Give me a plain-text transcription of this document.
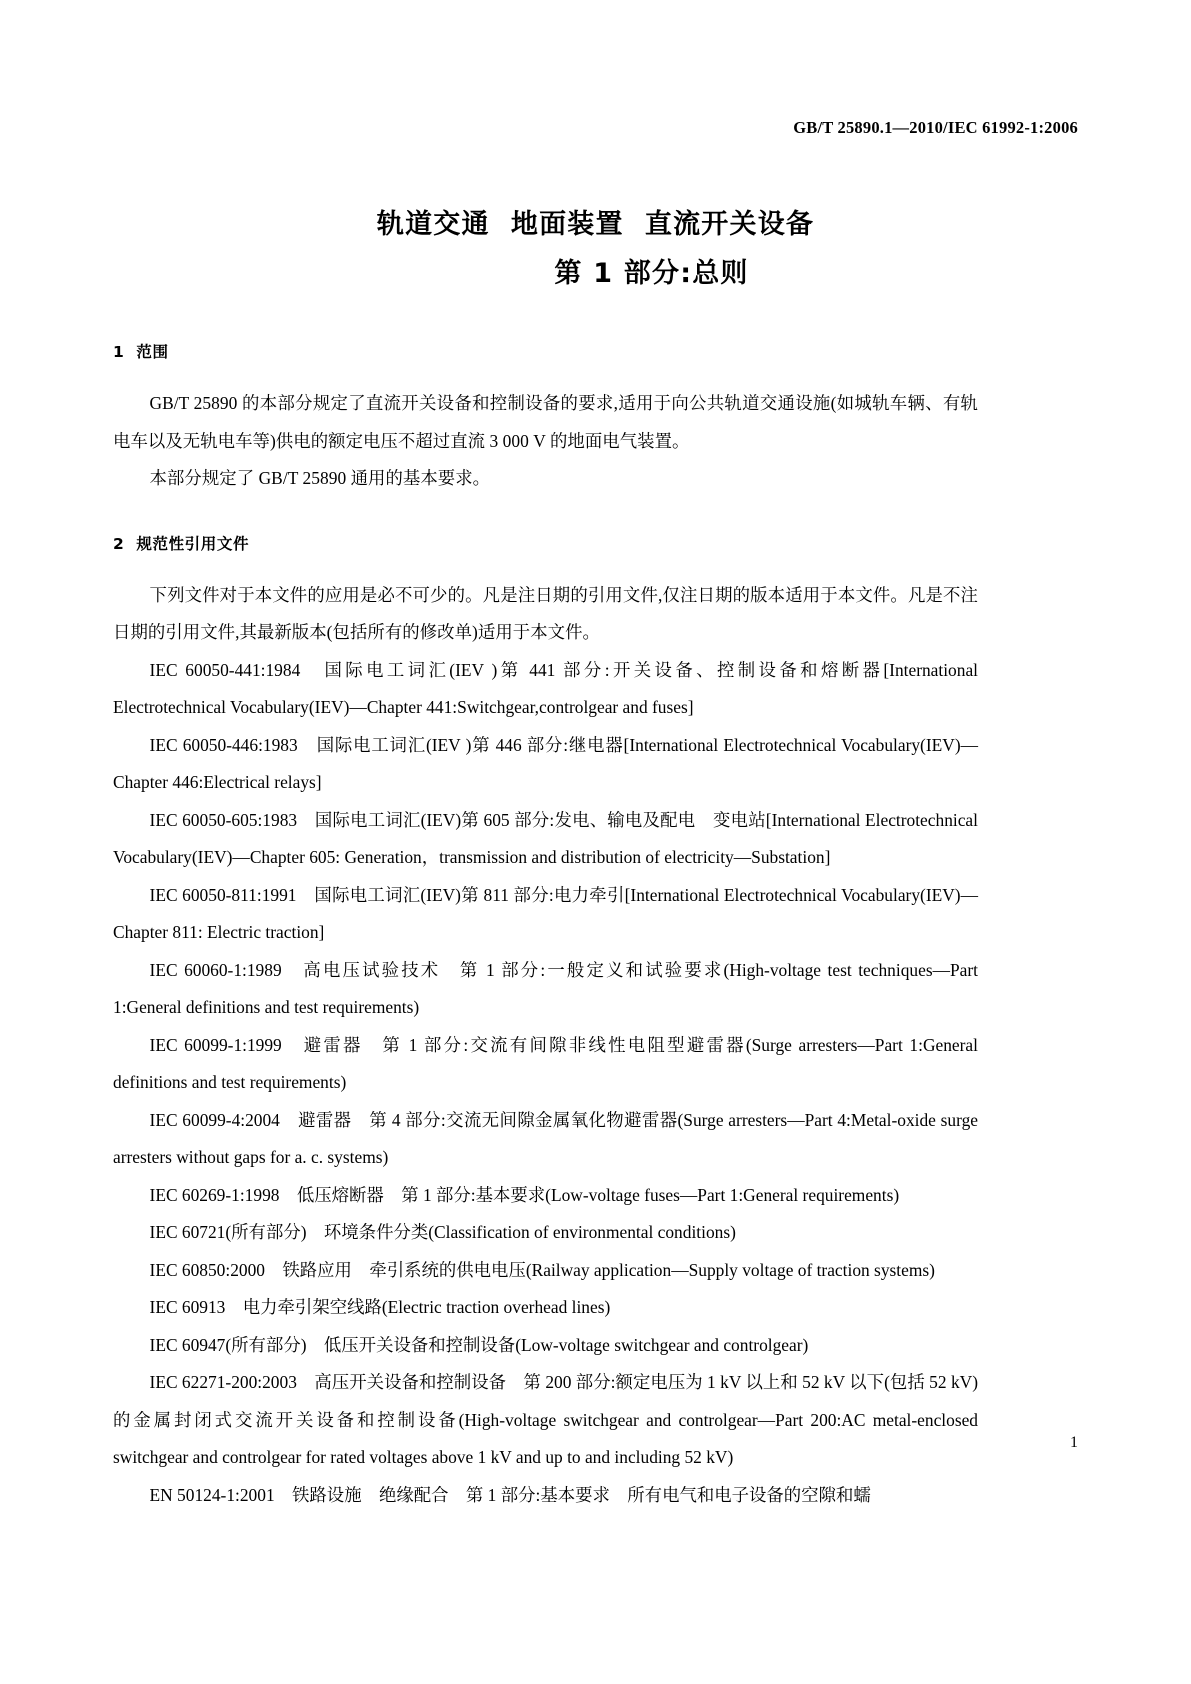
GB/T 25890.1—2010/IEC 61992-1:2006
轨道交通  地面装置  直流开关设备
第 1 部分:总则
1  范围

GB/T 25890 的本部分规定了直流开关设备和控制设备的要求,适用于向公共轨道交通设施(如城轨车辆、有轨电车以及无轨电车等)供电的额定电压不超过直流 3 000 V 的地面电气装置。

本部分规定了 GB/T 25890 通用的基本要求。

2  规范性引用文件

下列文件对于本文件的应用是必不可少的。凡是注日期的引用文件,仅注日期的版本适用于本文件。凡是不注日期的引用文件,其最新版本(包括所有的修改单)适用于本文件。

IEC 60050-441:1984　国际电工词汇(IEV )第 441 部分:开关设备、控制设备和熔断器[International Electrotechnical Vocabulary(IEV)—Chapter 441:Switchgear,controlgear and fuses]

IEC 60050-446:1983　国际电工词汇(IEV )第 446 部分:继电器[International Electrotechnical Vocabulary(IEV)—Chapter 446:Electrical relays]

IEC 60050-605:1983　国际电工词汇(IEV)第 605 部分:发电、输电及配电　变电站[International Electrotechnical Vocabulary(IEV)—Chapter 605: Generation，transmission and distribution of electricity—Substation]

IEC 60050-811:1991　国际电工词汇(IEV)第 811 部分:电力牵引[International Electrotechnical Vocabulary(IEV)—Chapter 811: Electric traction]

IEC 60060-1:1989　高电压试验技术　第 1 部分:一般定义和试验要求(High-voltage test techniques—Part 1:General definitions and test requirements)

IEC 60099-1:1999　避雷器　第 1 部分:交流有间隙非线性电阻型避雷器(Surge arresters—Part 1:General definitions and test requirements)

IEC 60099-4:2004　避雷器　第 4 部分:交流无间隙金属氧化物避雷器(Surge arresters—Part 4:Metal-oxide surge arresters without gaps for a. c. systems)

IEC 60269-1:1998　低压熔断器　第 1 部分:基本要求(Low-voltage fuses—Part 1:General requirements)

IEC 60721(所有部分)　环境条件分类(Classification of environmental conditions)

IEC 60850:2000　铁路应用　牵引系统的供电电压(Railway application—Supply voltage of traction systems)

IEC 60913　电力牵引架空线路(Electric traction overhead lines)

IEC 60947(所有部分)　低压开关设备和控制设备(Low-voltage switchgear and controlgear)

IEC 62271-200:2003　高压开关设备和控制设备　第 200 部分:额定电压为 1 kV 以上和 52 kV 以下(包括 52 kV)的金属封闭式交流开关设备和控制设备(High-voltage switchgear and controlgear—Part 200:AC metal-enclosed switchgear and controlgear for rated voltages above 1 kV and up to and including 52 kV)

EN 50124-1:2001　铁路设施　绝缘配合　第 1 部分:基本要求　所有电气和电子设备的空隙和蠕

1
